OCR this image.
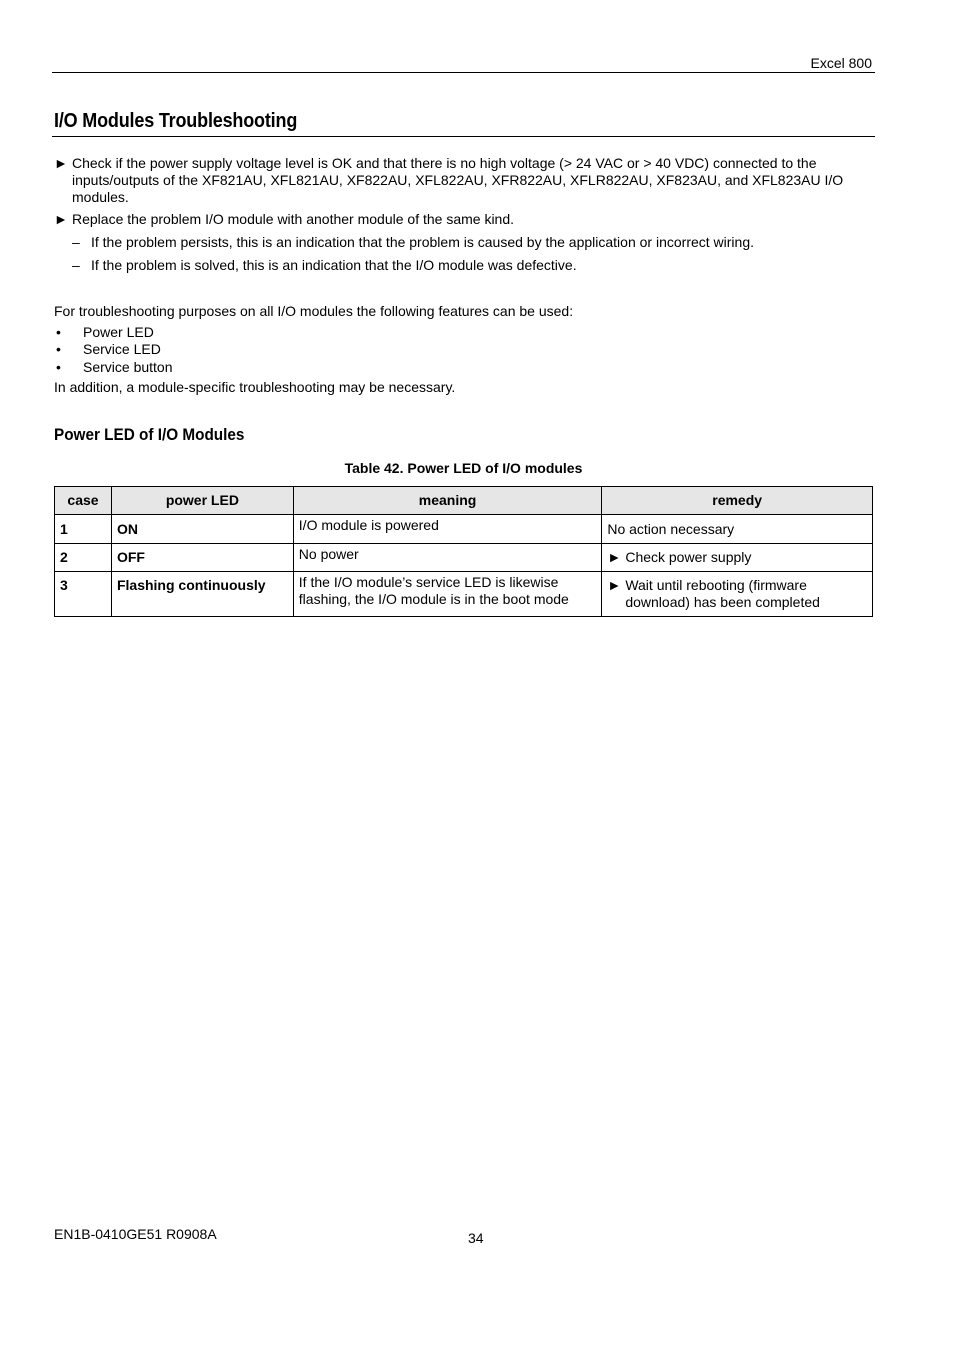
Excel 800
I/O Modules Troubleshooting
► Check if the power supply voltage level is OK and that there is no high voltage (> 24 VAC or > 40 VDC) connected to the inputs/outputs of the XF821AU, XFL821AU, XF822AU, XFL822AU, XFR822AU, XFLR822AU, XF823AU, and XFL823AU I/O modules.
► Replace the problem I/O module with another module of the same kind.
– If the problem persists, this is an indication that the problem is caused by the application or incorrect wiring.
– If the problem is solved, this is an indication that the I/O module was defective.
For troubleshooting purposes on all I/O modules the following features can be used:
• Power LED
• Service LED
• Service button
In addition, a module-specific troubleshooting may be necessary.
Power LED of I/O Modules
Table 42. Power LED of I/O modules
case	power LED	meaning	remedy
1	ON	I/O module is powered	No action necessary
2	OFF	No power	► Check power supply

3	Flashing continuously	If the I/O module’s service LED is likewise flashing, the I/O module is in the boot mode	► Wait until rebooting (firmware download) has been completed
EN1B-0410GE51 R0908A	34
